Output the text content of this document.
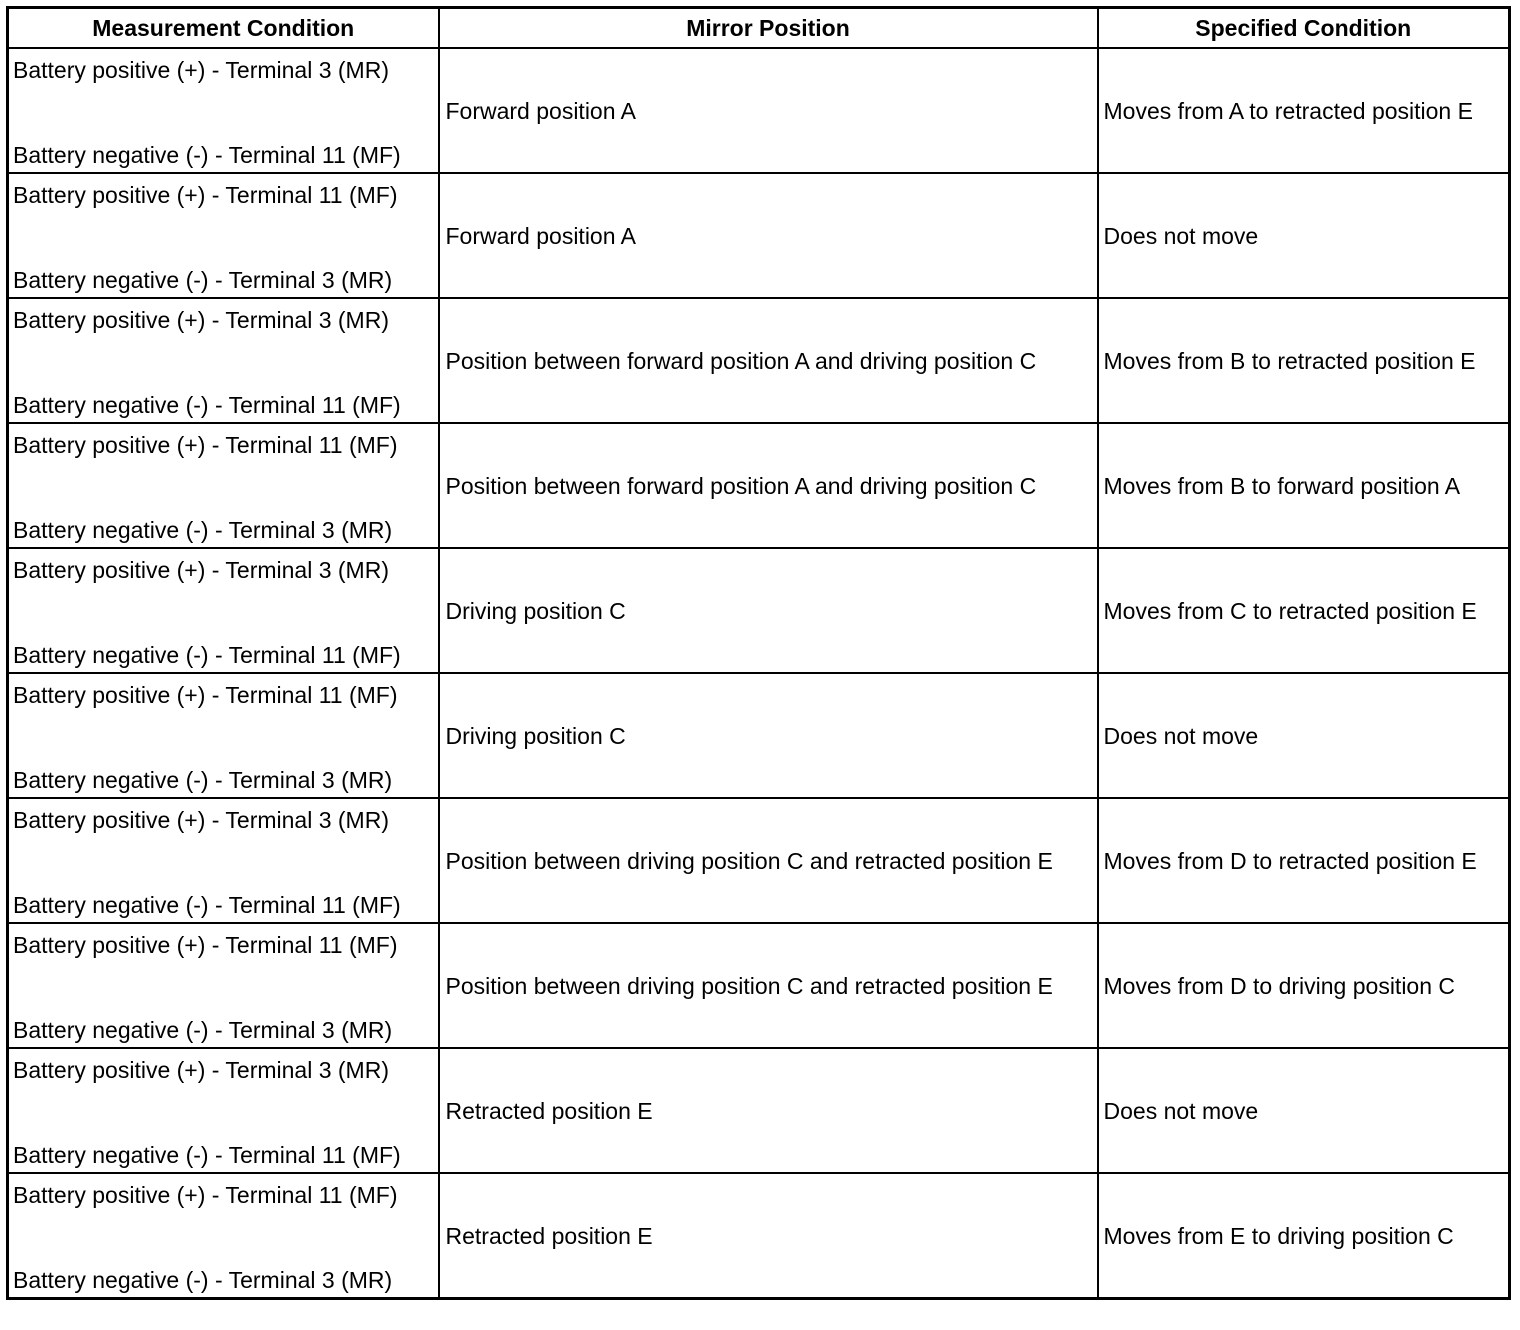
Measurement Condition	Mirror Position	Specified Condition

Battery positive (+) - Terminal 3 (MR)
Battery negative (-) - Terminal 11 (MF)	Forward position A	Moves from A to retracted position E

Battery positive (+) - Terminal 11 (MF)
Battery negative (-) - Terminal 3 (MR)	Forward position A	Does not move

Battery positive (+) - Terminal 3 (MR)
Battery negative (-) - Terminal 11 (MF)	Position between forward position A and driving position C	Moves from B to retracted position E

Battery positive (+) - Terminal 11 (MF)
Battery negative (-) - Terminal 3 (MR)	Position between forward position A and driving position C	Moves from B to forward position A

Battery positive (+) - Terminal 3 (MR)
Battery negative (-) - Terminal 11 (MF)	Driving position C	Moves from C to retracted position E

Battery positive (+) - Terminal 11 (MF)
Battery negative (-) - Terminal 3 (MR)	Driving position C	Does not move

Battery positive (+) - Terminal 3 (MR)
Battery negative (-) - Terminal 11 (MF)	Position between driving position C and retracted position E	Moves from D to retracted position E

Battery positive (+) - Terminal 11 (MF)
Battery negative (-) - Terminal 3 (MR)	Position between driving position C and retracted position E	Moves from D to driving position C

Battery positive (+) - Terminal 3 (MR)
Battery negative (-) - Terminal 11 (MF)	Retracted position E	Does not move

Battery positive (+) - Terminal 11 (MF)
Battery negative (-) - Terminal 3 (MR)	Retracted position E	Moves from E to driving position C
